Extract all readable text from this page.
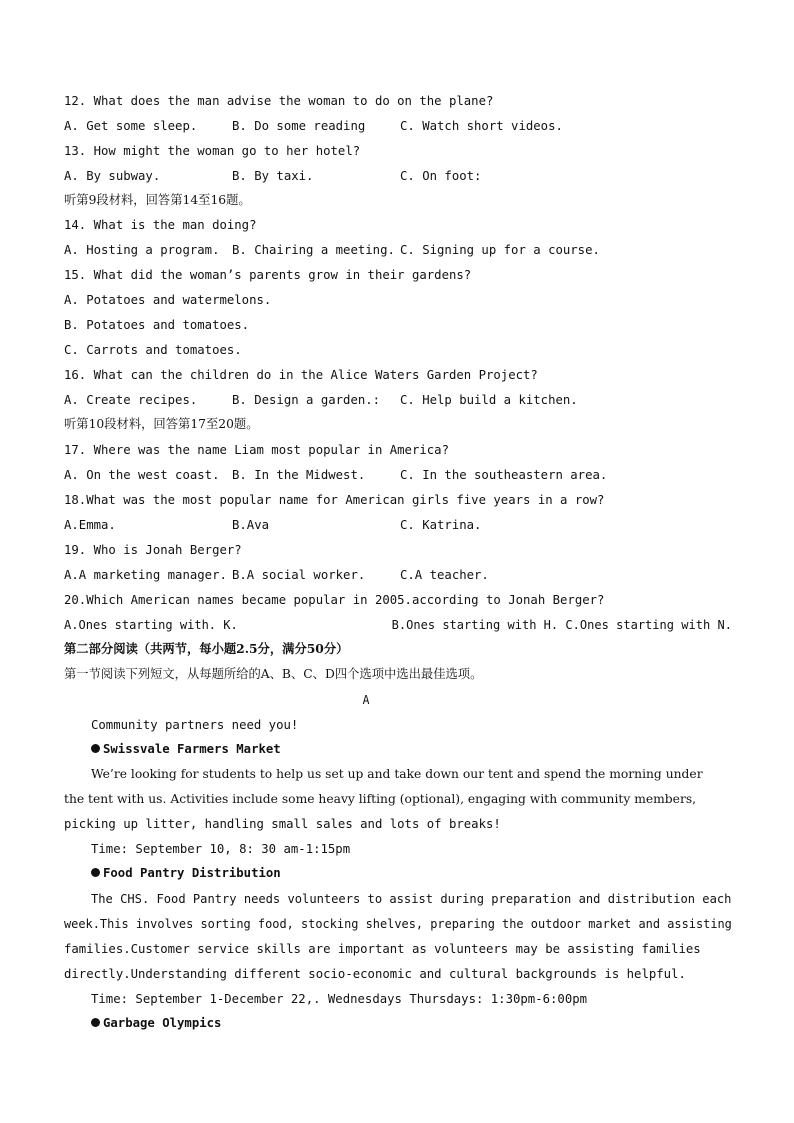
12. What does the man advise the woman to do on the plane?
A. Get some sleep.	B. Do some reading	C. Watch short videos.
13. How might the woman go to her hotel?
A. By subway.	B. By taxi.	C. On foot:
听第9段材料，回答第14至16题。
14. What is the man doing?
A. Hosting a program. B. Chairing a meeting. C. Signing up for a course.
15. What did the woman’s parents grow in their gardens?
A. Potatoes and watermelons.
B. Potatoes and tomatoes.
C. Carrots and tomatoes.
16. What can the children do in the Alice Waters Garden Project?
A. Create recipes.	B. Design a garden.: C. Help build a kitchen.
听第10段材料，回答第17至20题。
17. Where was the name Liam most popular in America?
A. On the west coast. B. In the Midwest.	C. In the southeastern area.
18.What was the most popular name for American girls five years in a row?
A.Emma.	B.Ava	C. Katrina.
19. Who is Jonah Berger?
A.A marketing manager. B.A social worker.	C.A teacher.
20.Which American names became popular in 2005.according to Jonah Berger?
A.Ones starting with. K.	B.Ones starting with H. C.Ones starting with N.
第二部分阅读（共两节，每小题2.5分，满分50分）
第一节阅读下列短文，从每题所给的A、B、C、D四个选项中选出最佳选项。
A
Community partners need you!
Swissvale Farmers Market
We’re looking for students to help us set up and take down our tent and spend the morning under
the tent with us. Activities include some heavy lifting (optional), engaging with community members,
picking up litter, handling small sales and lots of breaks!
Time: September 10, 8: 30 am-1:15pm
Food Pantry Distribution
The CHS. Food Pantry needs volunteers to assist during preparation and distribution each
week.This involves sorting food, stocking shelves, preparing the outdoor market and assisting
families.Customer service skills are important as volunteers may be assisting families
directly.Understanding different socio-economic and cultural backgrounds is helpful.
Time: September 1-December 22,. Wednesdays Thursdays: 1:30pm-6:00pm
Garbage Olympics
